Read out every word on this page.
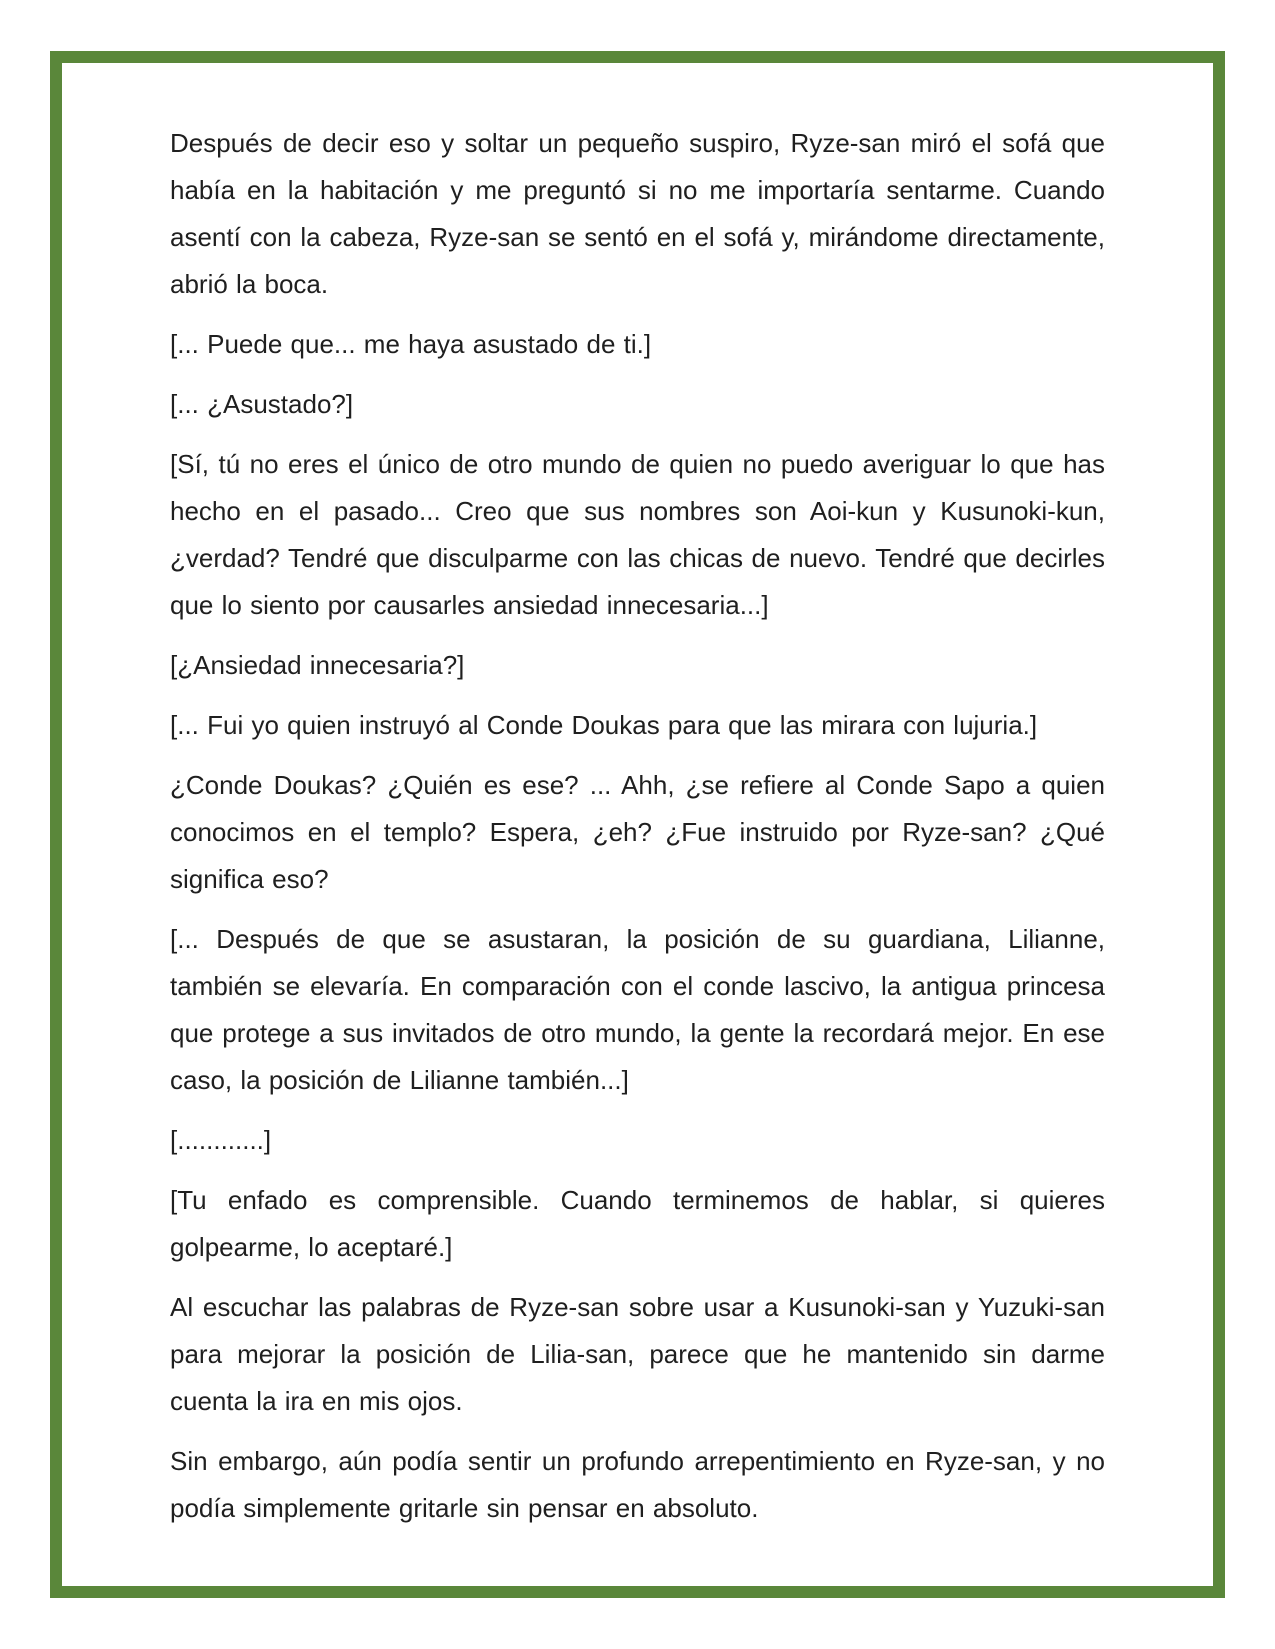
Después de decir eso y soltar un pequeño suspiro, Ryze-san miró el sofá que había en la habitación y me preguntó si no me importaría sentarme. Cuando asentí con la cabeza, Ryze-san se sentó en el sofá y, mirándome directamente, abrió la boca.

[... Puede que... me haya asustado de ti.]

[... ¿Asustado?]

[Sí, tú no eres el único de otro mundo de quien no puedo averiguar lo que has hecho en el pasado... Creo que sus nombres son Aoi-kun y Kusunoki-kun, ¿verdad? Tendré que disculparme con las chicas de nuevo. Tendré que decirles que lo siento por causarles ansiedad innecesaria...]

[¿Ansiedad innecesaria?]

[... Fui yo quien instruyó al Conde Doukas para que las mirara con lujuria.]

¿Conde Doukas? ¿Quién es ese? ... Ahh, ¿se refiere al Conde Sapo a quien conocimos en el templo? Espera, ¿eh? ¿Fue instruido por Ryze-san? ¿Qué significa eso?

[... Después de que se asustaran, la posición de su guardiana, Lilianne, también se elevaría. En comparación con el conde lascivo, la antigua princesa que protege a sus invitados de otro mundo, la gente la recordará mejor. En ese caso, la posición de Lilianne también...]

[............]

[Tu enfado es comprensible. Cuando terminemos de hablar, si quieres golpearme, lo aceptaré.]

Al escuchar las palabras de Ryze-san sobre usar a Kusunoki-san y Yuzuki-san para mejorar la posición de Lilia-san, parece que he mantenido sin darme cuenta la ira en mis ojos.

Sin embargo, aún podía sentir un profundo arrepentimiento en Ryze-san, y no podía simplemente gritarle sin pensar en absoluto.
